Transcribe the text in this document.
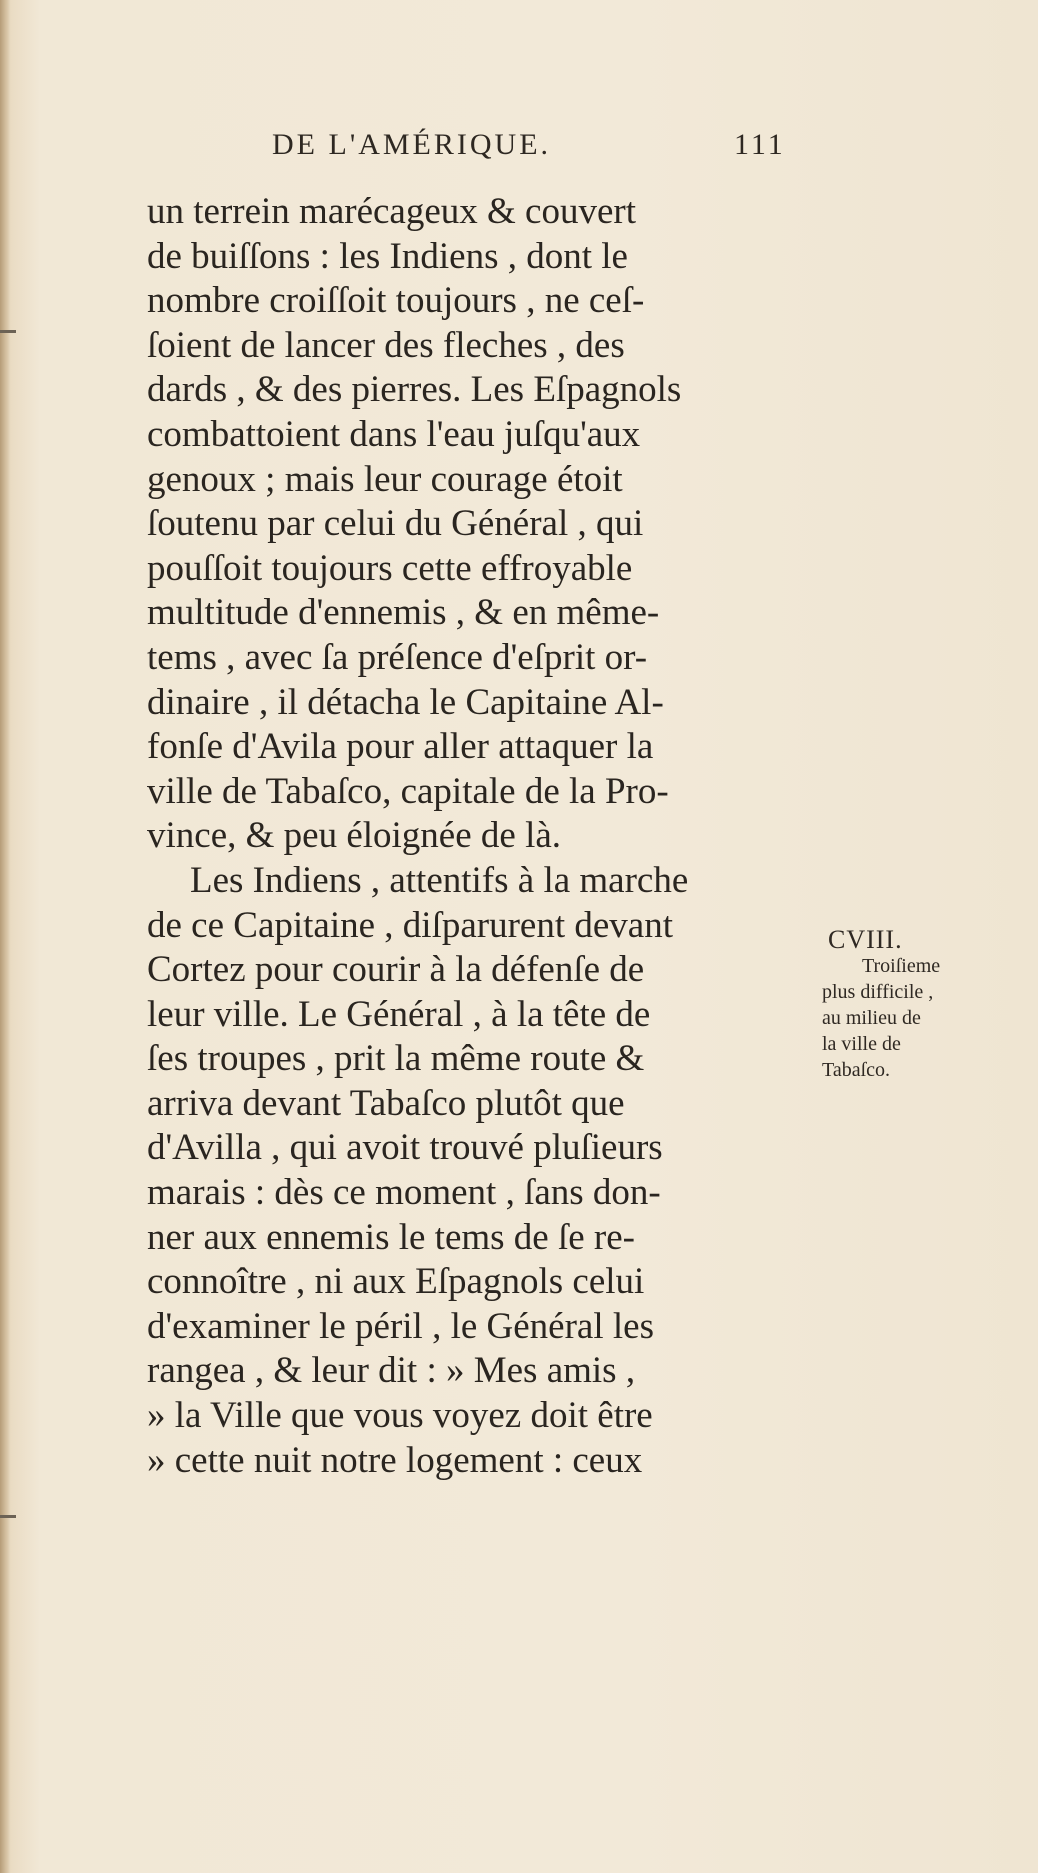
DE L'AMÉRIQUE.	111
un terrein marécageux & couvert
de buiſſons : les Indiens , dont le
nombre croiſſoit toujours , ne ceſ-
ſoient de lancer des fleches , des
dards , & des pierres. Les Eſpagnols
combattoient dans l'eau juſqu'aux
genoux ; mais leur courage étoit
ſoutenu par celui du Général , qui
pouſſoit toujours cette effroyable
multitude d'ennemis , & en même-
tems , avec ſa préſence d'eſprit or-
dinaire , il détacha le Capitaine Al-
fonſe d'Avila pour aller attaquer la
ville de Tabaſco, capitale de la Pro-
vince, & peu éloignée de là.
Les Indiens , attentifs à la marche
de ce Capitaine , diſparurent devant
Cortez pour courir à la défenſe de
leur ville. Le Général , à la tête de
ſes troupes , prit la même route &
arriva devant Tabaſco plutôt que
d'Avilla , qui avoit trouvé pluſieurs
marais : dès ce moment , ſans don-
ner aux ennemis le tems de ſe re-
connoître , ni aux Eſpagnols celui
d'examiner le péril , le Général les
rangea , & leur dit : » Mes amis ,
» la Ville que vous voyez doit être
» cette nuit notre logement : ceux
CVIII.
Troiſieme
plus difficile ,
au milieu de
la ville de
Tabaſco.
